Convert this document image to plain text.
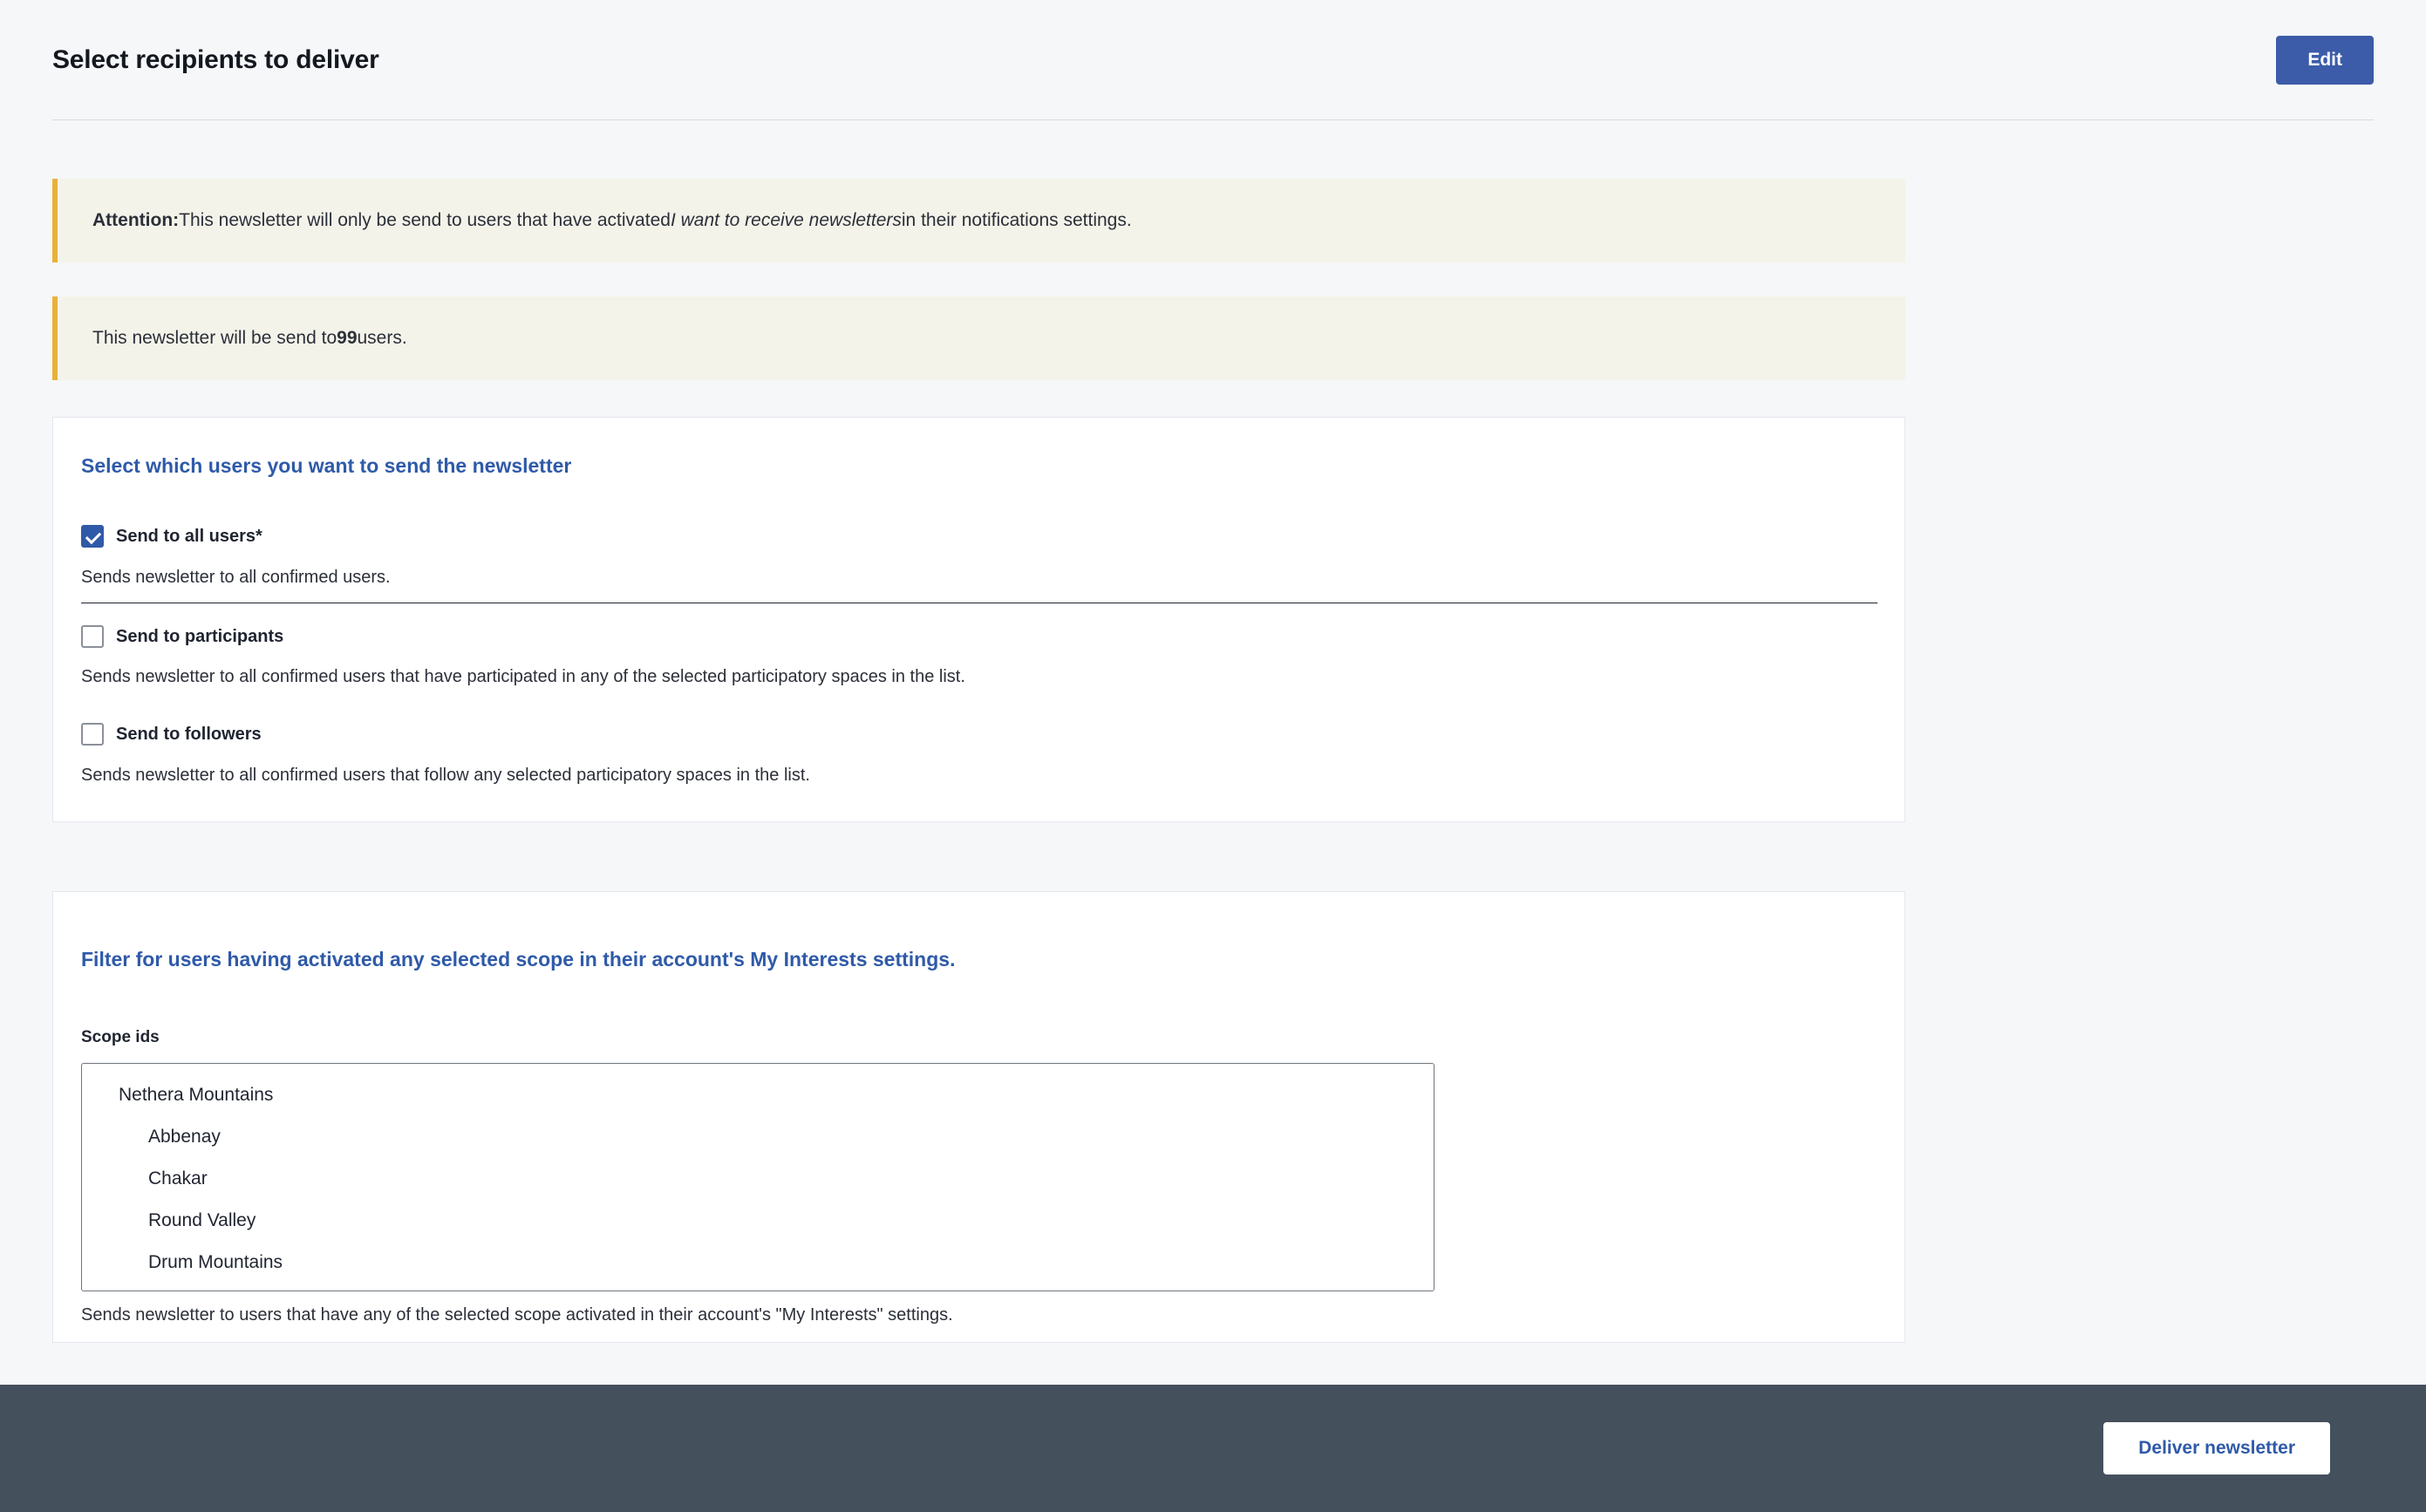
Select recipients to deliver	Edit
Attention: This newsletter will only be send to users that have activated I want to receive newsletters in their notifications settings.
This newsletter will be send to 99 users.
Select which users you want to send the newsletter
Send to all users*
Sends newsletter to all confirmed users.
Send to participants
Sends newsletter to all confirmed users that have participated in any of the selected participatory spaces in the list.
Send to followers
Sends newsletter to all confirmed users that follow any selected participatory spaces in the list.
Filter for users having activated any selected scope in their account's My Interests settings.
Scope ids
Nethera Mountains
Abbenay
Chakar
Round Valley
Drum Mountains
Sends newsletter to users that have any of the selected scope activated in their account's "My Interests" settings.
Deliver newsletter
